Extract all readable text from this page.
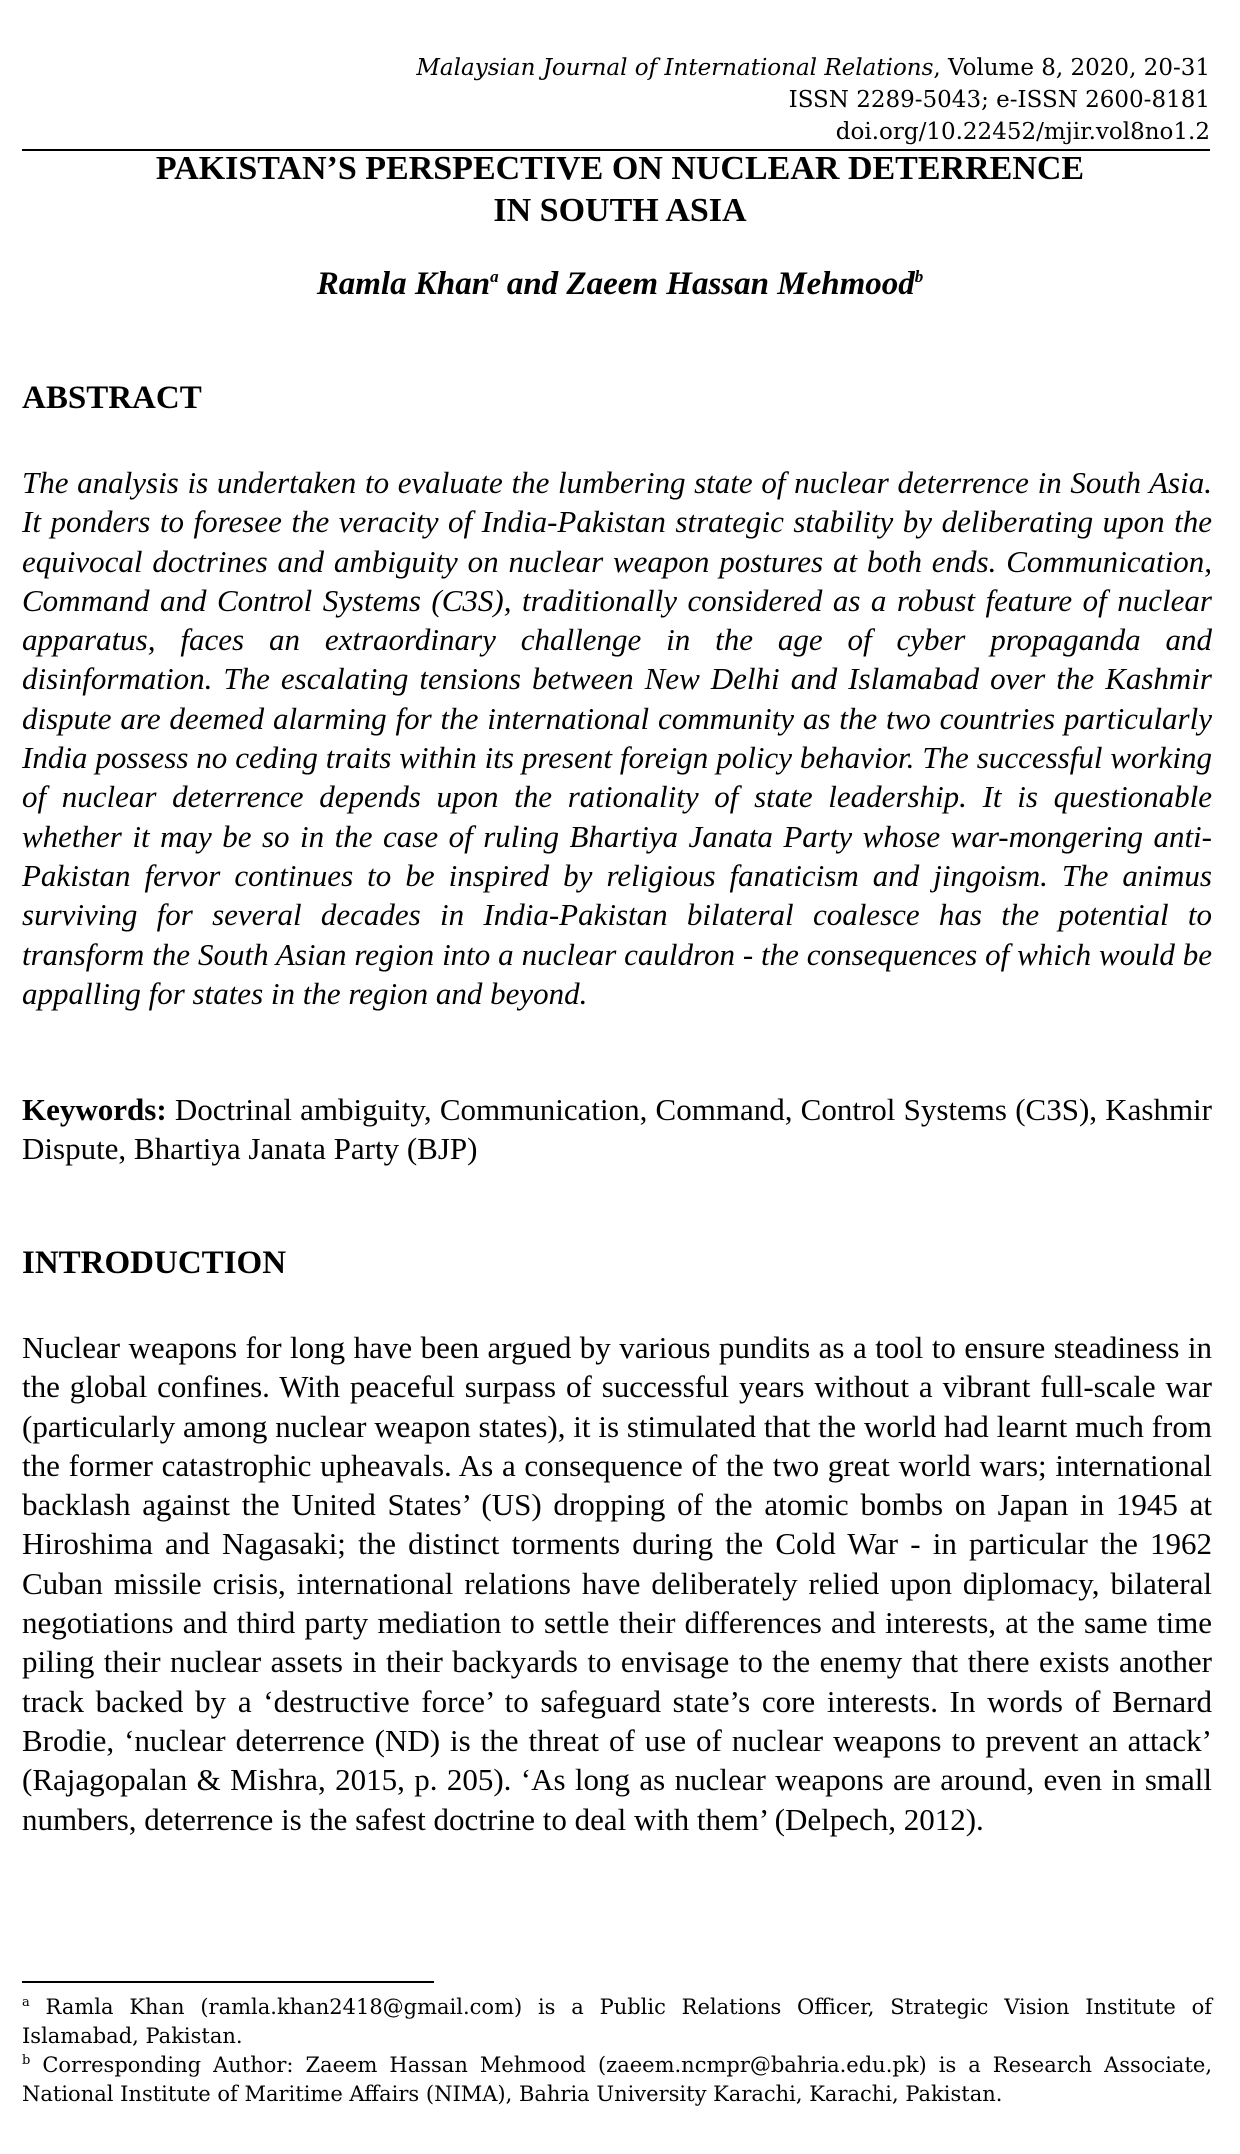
Malaysian Journal of International Relations, Volume 8, 2020, 20-31
ISSN 2289-5043; e-ISSN 2600-8181
doi.org/10.22452/mjir.vol8no1.2
PAKISTAN’S PERSPECTIVE ON NUCLEAR DETERRENCE
IN SOUTH ASIA
Ramla Khan$^a$ and Zaeem Hassan Mehmood$^b$
ABSTRACT
The analysis is undertaken to evaluate the lumbering state of nuclear deterrence in South Asia. It ponders to foresee the veracity of India-Pakistan strategic stability by deliberating upon the equivocal doctrines and ambiguity on nuclear weapon postures at both ends. Communication, Command and Control Systems (C3S), traditionally considered as a robust feature of nuclear apparatus, faces an extraordinary challenge in the age of cyber propaganda and disinformation. The escalating tensions between New Delhi and Islamabad over the Kashmir dispute are deemed alarming for the international community as the two countries particularly India possess no ceding traits within its present foreign policy behavior. The successful working of nuclear deterrence depends upon the rationality of state leadership. It is questionable whether it may be so in the case of ruling Bhartiya Janata Party whose war-mongering anti-Pakistan fervor continues to be inspired by religious fanaticism and jingoism. The animus surviving for several decades in India-Pakistan bilateral coalesce has the potential to transform the South Asian region into a nuclear cauldron - the consequences of which would be appalling for states in the region and beyond.
Keywords: Doctrinal ambiguity, Communication, Command, Control Systems (C3S), Kashmir Dispute, Bhartiya Janata Party (BJP)
INTRODUCTION
Nuclear weapons for long have been argued by various pundits as a tool to ensure steadiness in the global confines. With peaceful surpass of successful years without a vibrant full-scale war (particularly among nuclear weapon states), it is stimulated that the world had learnt much from the former catastrophic upheavals. As a consequence of the two great world wars; international backlash against the United States’ (US) dropping of the atomic bombs on Japan in 1945 at Hiroshima and Nagasaki; the distinct torments during the Cold War - in particular the 1962 Cuban missile crisis, international relations have deliberately relied upon diplomacy, bilateral negotiations and third party mediation to settle their differences and interests, at the same time piling their nuclear assets in their backyards to envisage to the enemy that there exists another track backed by a ‘destructive force’ to safeguard state’s core interests. In words of Bernard Brodie, ‘nuclear deterrence (ND) is the threat of use of nuclear weapons to prevent an attack’ (Rajagopalan & Mishra, 2015, p. 205). ‘As long as nuclear weapons are around, even in small numbers, deterrence is the safest doctrine to deal with them’ (Delpech, 2012).

$^a$ Ramla Khan (ramla.khan2418@gmail.com) is a Public Relations Officer, Strategic Vision Institute of Islamabad, Pakistan.

$^b$ Corresponding Author: Zaeem Hassan Mehmood (zaeem.ncmpr@bahria.edu.pk) is a Research Associate, National Institute of Maritime Affairs (NIMA), Bahria University Karachi, Karachi, Pakistan.
